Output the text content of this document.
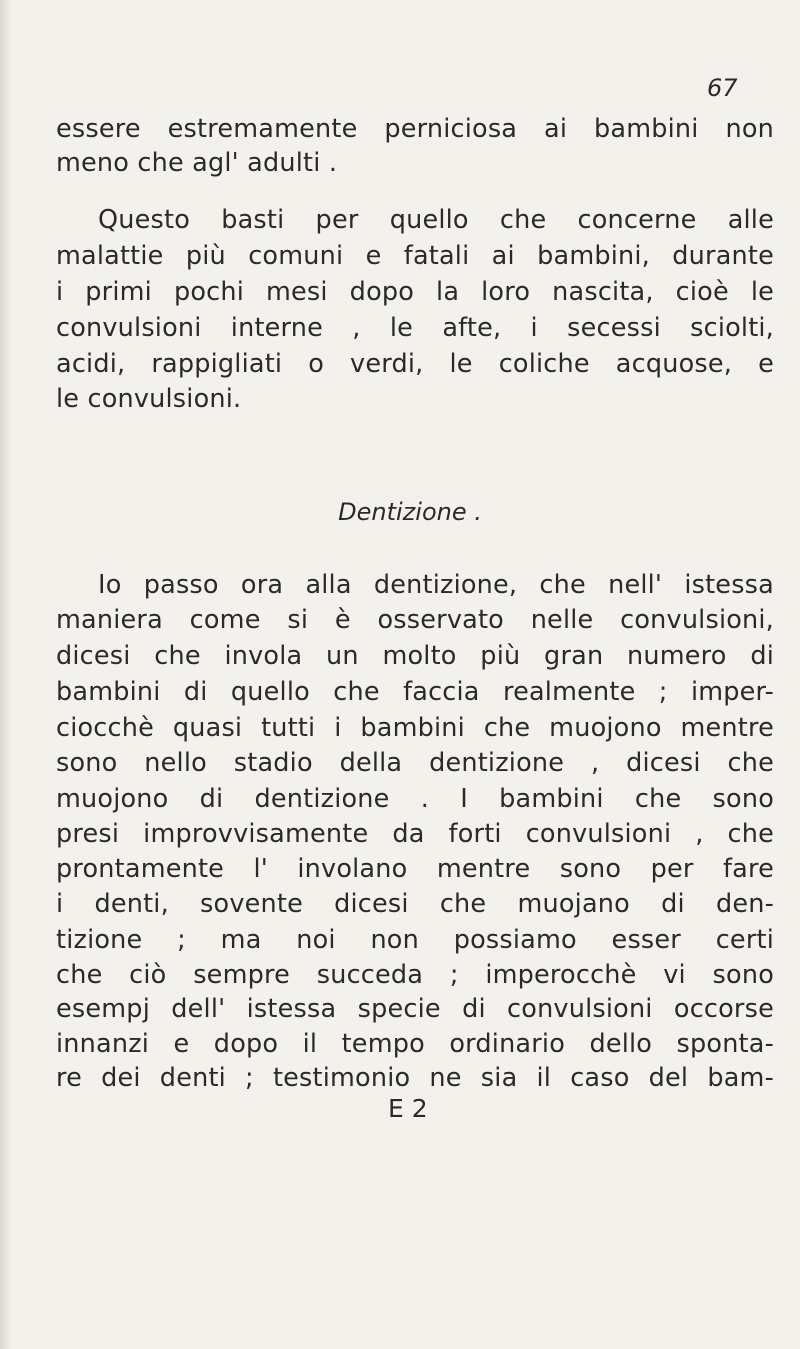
67
essere estremamente perniciosa ai bambini non
meno che agl' adulti .
Questo basti per quello che concerne alle
malattie più comuni e fatali ai bambini, durante
i primi pochi mesi dopo la loro nascita, cioè le
convulsioni interne , le afte, i secessi sciolti,
acidi, rappigliati o verdi, le coliche acquose, e
le convulsioni.
Dentizione .
Io passo ora alla dentizione, che nell' istessa
maniera come si è osservato nelle convulsioni,
dicesi che invola un molto più gran numero di
bambini di quello che faccia realmente ; imper-
ciocchè quasi tutti i bambini che muojono mentre
sono nello stadio della dentizione , dicesi che
muojono di dentizione . I bambini che sono
presi improvvisamente da forti convulsioni , che
prontamente l' involano mentre sono per fare
i denti, sovente dicesi che muojano di den-
tizione ; ma noi non possiamo esser certi
che ciò sempre succeda ; imperocchè vi sono
esempj dell' istessa specie di convulsioni occorse
innanzi e dopo il tempo ordinario dello sponta-
re dei denti ; testimonio ne sia il caso del bam-
E 2
